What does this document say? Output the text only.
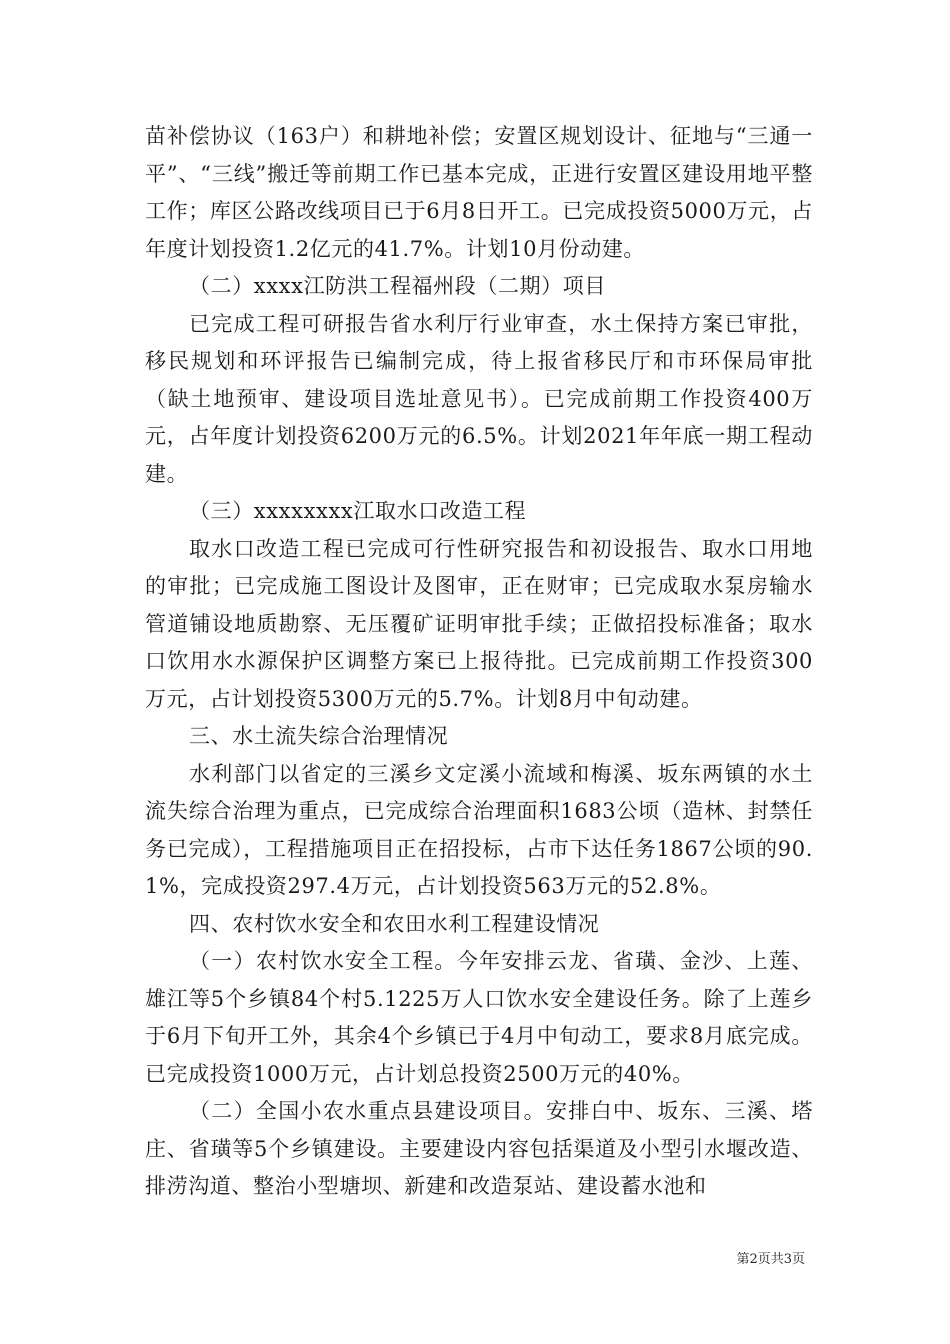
苗补偿协议（163户）和耕地补偿；安置区规划设计、征地与“三通一平”、“三线”搬迁等前期工作已基本完成，正进行安置区建设用地平整工作；库区公路改线项目已于6月8日开工。已完成投资5000万元，占年度计划投资1.2亿元的41.7%。计划10月份动建。

（二）xxxx江防洪工程福州段（二期）项目

已完成工程可研报告省水利厅行业审查，水土保持方案已审批，移民规划和环评报告已编制完成，待上报省移民厅和市环保局审批（缺土地预审、建设项目选址意见书）。已完成前期工作投资400万元，占年度计划投资6200万元的6.5%。计划2021年年底一期工程动建。

（三）xxxxxxxx江取水口改造工程

取水口改造工程已完成可行性研究报告和初设报告、取水口用地的审批；已完成施工图设计及图审，正在财审；已完成取水泵房输水管道铺设地质勘察、无压覆矿证明审批手续；正做招投标准备；取水口饮用水水源保护区调整方案已上报待批。已完成前期工作投资300万元，占计划投资5300万元的5.7%。计划8月中旬动建。

三、水土流失综合治理情况

水利部门以省定的三溪乡文定溪小流域和梅溪、坂东两镇的水土流失综合治理为重点，已完成综合治理面积1683公顷（造林、封禁任务已完成），工程措施项目正在招投标，占市下达任务1867公顷的90.1%，完成投资297.4万元，占计划投资563万元的52.8%。

四、农村饮水安全和农田水利工程建设情况

（一）农村饮水安全工程。今年安排云龙、省璜、金沙、上莲、雄江等5个乡镇84个村5.1225万人口饮水安全建设任务。除了上莲乡于6月下旬开工外，其余4个乡镇已于4月中旬动工，要求8月底完成。已完成投资1000万元，占计划总投资2500万元的40%。

（二）全国小农水重点县建设项目。安排白中、坂东、三溪、塔庄、省璜等5个乡镇建设。主要建设内容包括渠道及小型引水堰改造、排涝沟道、整治小型塘坝、新建和改造泵站、建设蓄水池和

第2页共3页
